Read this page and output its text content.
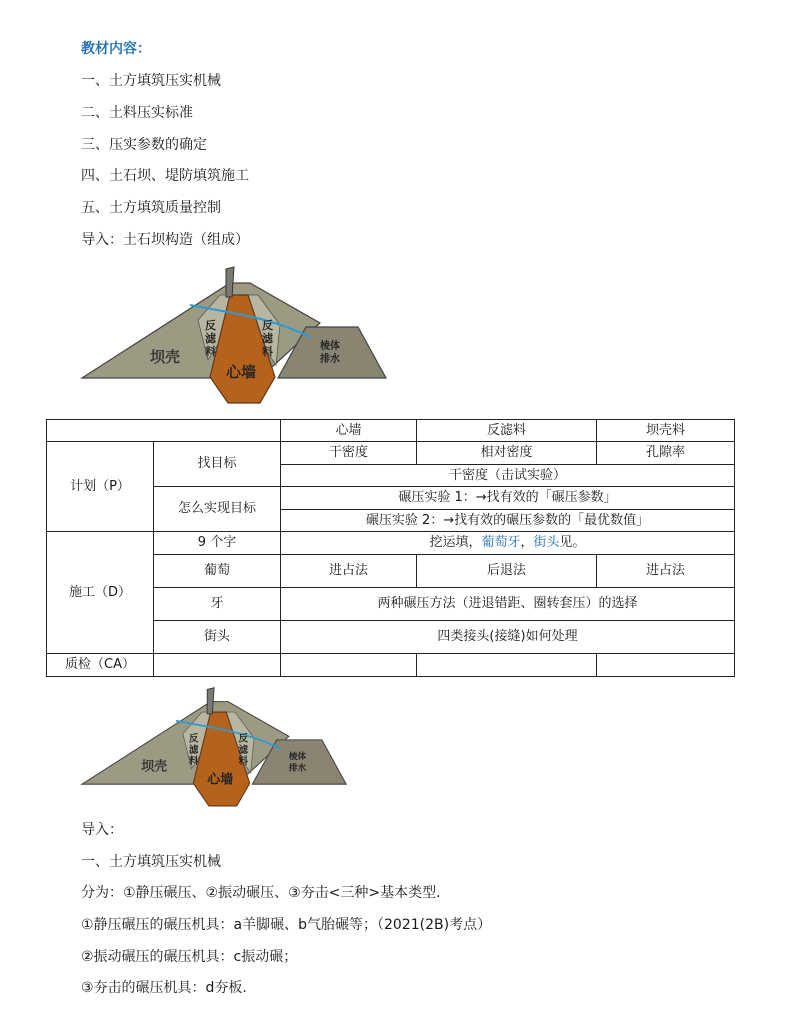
教材内容：
一、土方填筑压实机械
二、土料压实标准
三、压实参数的确定
四、土石坝、堤防填筑施工
五、土方填筑质量控制
导入：土石坝构造（组成）
坝壳
反
滤
料
心墙
反
滤
料	棱体
排水
		心墙	反滤料	坝壳料
计划（P）	找目标	干密度	相对密度	孔隙率
		干密度（击试实验）		
	怎么实现目标	碾压实验 1：→找有效的「碾压参数」		
		碾压实验 2：→找有效的碾压参数的「最优数值」		
施工（D）	9 个字	挖运填，葡萄牙，街头见。		
	葡萄	进占法	后退法	进占法
	牙	两种碾压方法（进退错距、圈转套压）的选择		
	街头	四类接头(接缝)如何处理		
质检（CA）				
坝壳
反
滤
料
心墙
反
滤
料	棱体
排水
导入：
一、土方填筑压实机械
分为：①静压碾压、②振动碾压、③夯击<三种>基本类型.
①静压碾压的碾压机具：a羊脚碾、b气胎碾等；（2021(2B)考点）
②振动碾压的碾压机具：c振动碾；
③夯击的碾压机具：d夯板.
